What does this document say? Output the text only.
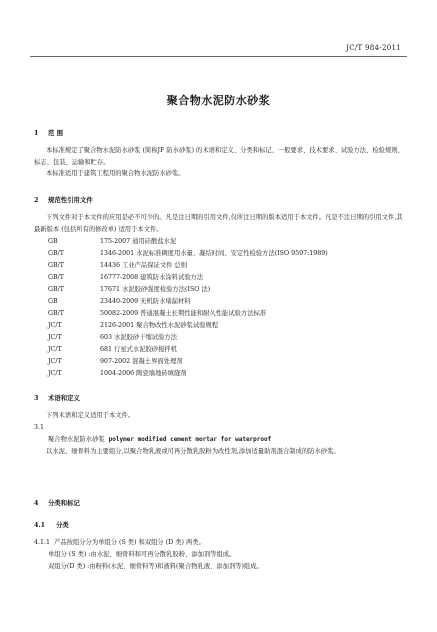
JC/T 984-2011
聚合物水泥防水砂浆
1 范 围
本标准规定了聚合物水泥防水砂浆 (简称JF 防水砂浆) 的术语和定义、分类和标记、一般要求、技术要求、试验方法、检验规则、标志、包装、运输和贮存。
本标准适用于建筑工程用的聚合物水泥防水砂浆。
2 规范性引用文件
下列文件对于本文件的应用是必不可少的。凡是注日期的引用文件,仅所注日期的版本适用于本文件。凡是不注日期的引用文件,其最新版本 (包括所有的修改单) 适用于本文件。
GB	175-2007 通用硅酸盐水泥
GB/T	1346-2001 水泥标准稠度用水量、凝结时间、安定性检验方法(ISO 9597:1989)
GB/T	14436 工业产品保证文件 总则
GB/T	16777-2008 建筑防水涂料试验方法
GB/T	17671 水泥胶砂强度检验方法(ISO 法)
GB	23440-2009 无机防水堵漏材料
GB/T	50082-2009 普通混凝土长期性能和耐久性能试验方法标准
JC/T	2126-2001 聚合物改性水泥砂浆试验规程
JC/T	603 水泥胶砂干缩试验方法
JC/T	681 行星式水泥胶砂搅拌机
JC/T	907-2002 混凝土界面处理剂
JC/T	1004-2006 陶瓷墙地砖填缝剂
3 术语和定义
下列术语和定义适用于本文件。
3.1
聚合物水泥防水砂浆 polymer modified cement mortar for waterproof
以水泥、细骨料为主要组分,以聚合物乳液或可再分散乳胶粉为改性剂,添加适量助剂混合制成的防水砂浆。
4 分类和标记
4.1 分类
4.1.1 产品按组分分为单组分 (S 类) 和双组分 (D 类) 两类。
单组分 (S 类) :由水泥、细骨料和可再分散乳胶粉、添加剂等组成。
双组分(D 类) :由粉料(水泥、细骨料等)和液料(聚合物乳液、添加剂等)组成。
